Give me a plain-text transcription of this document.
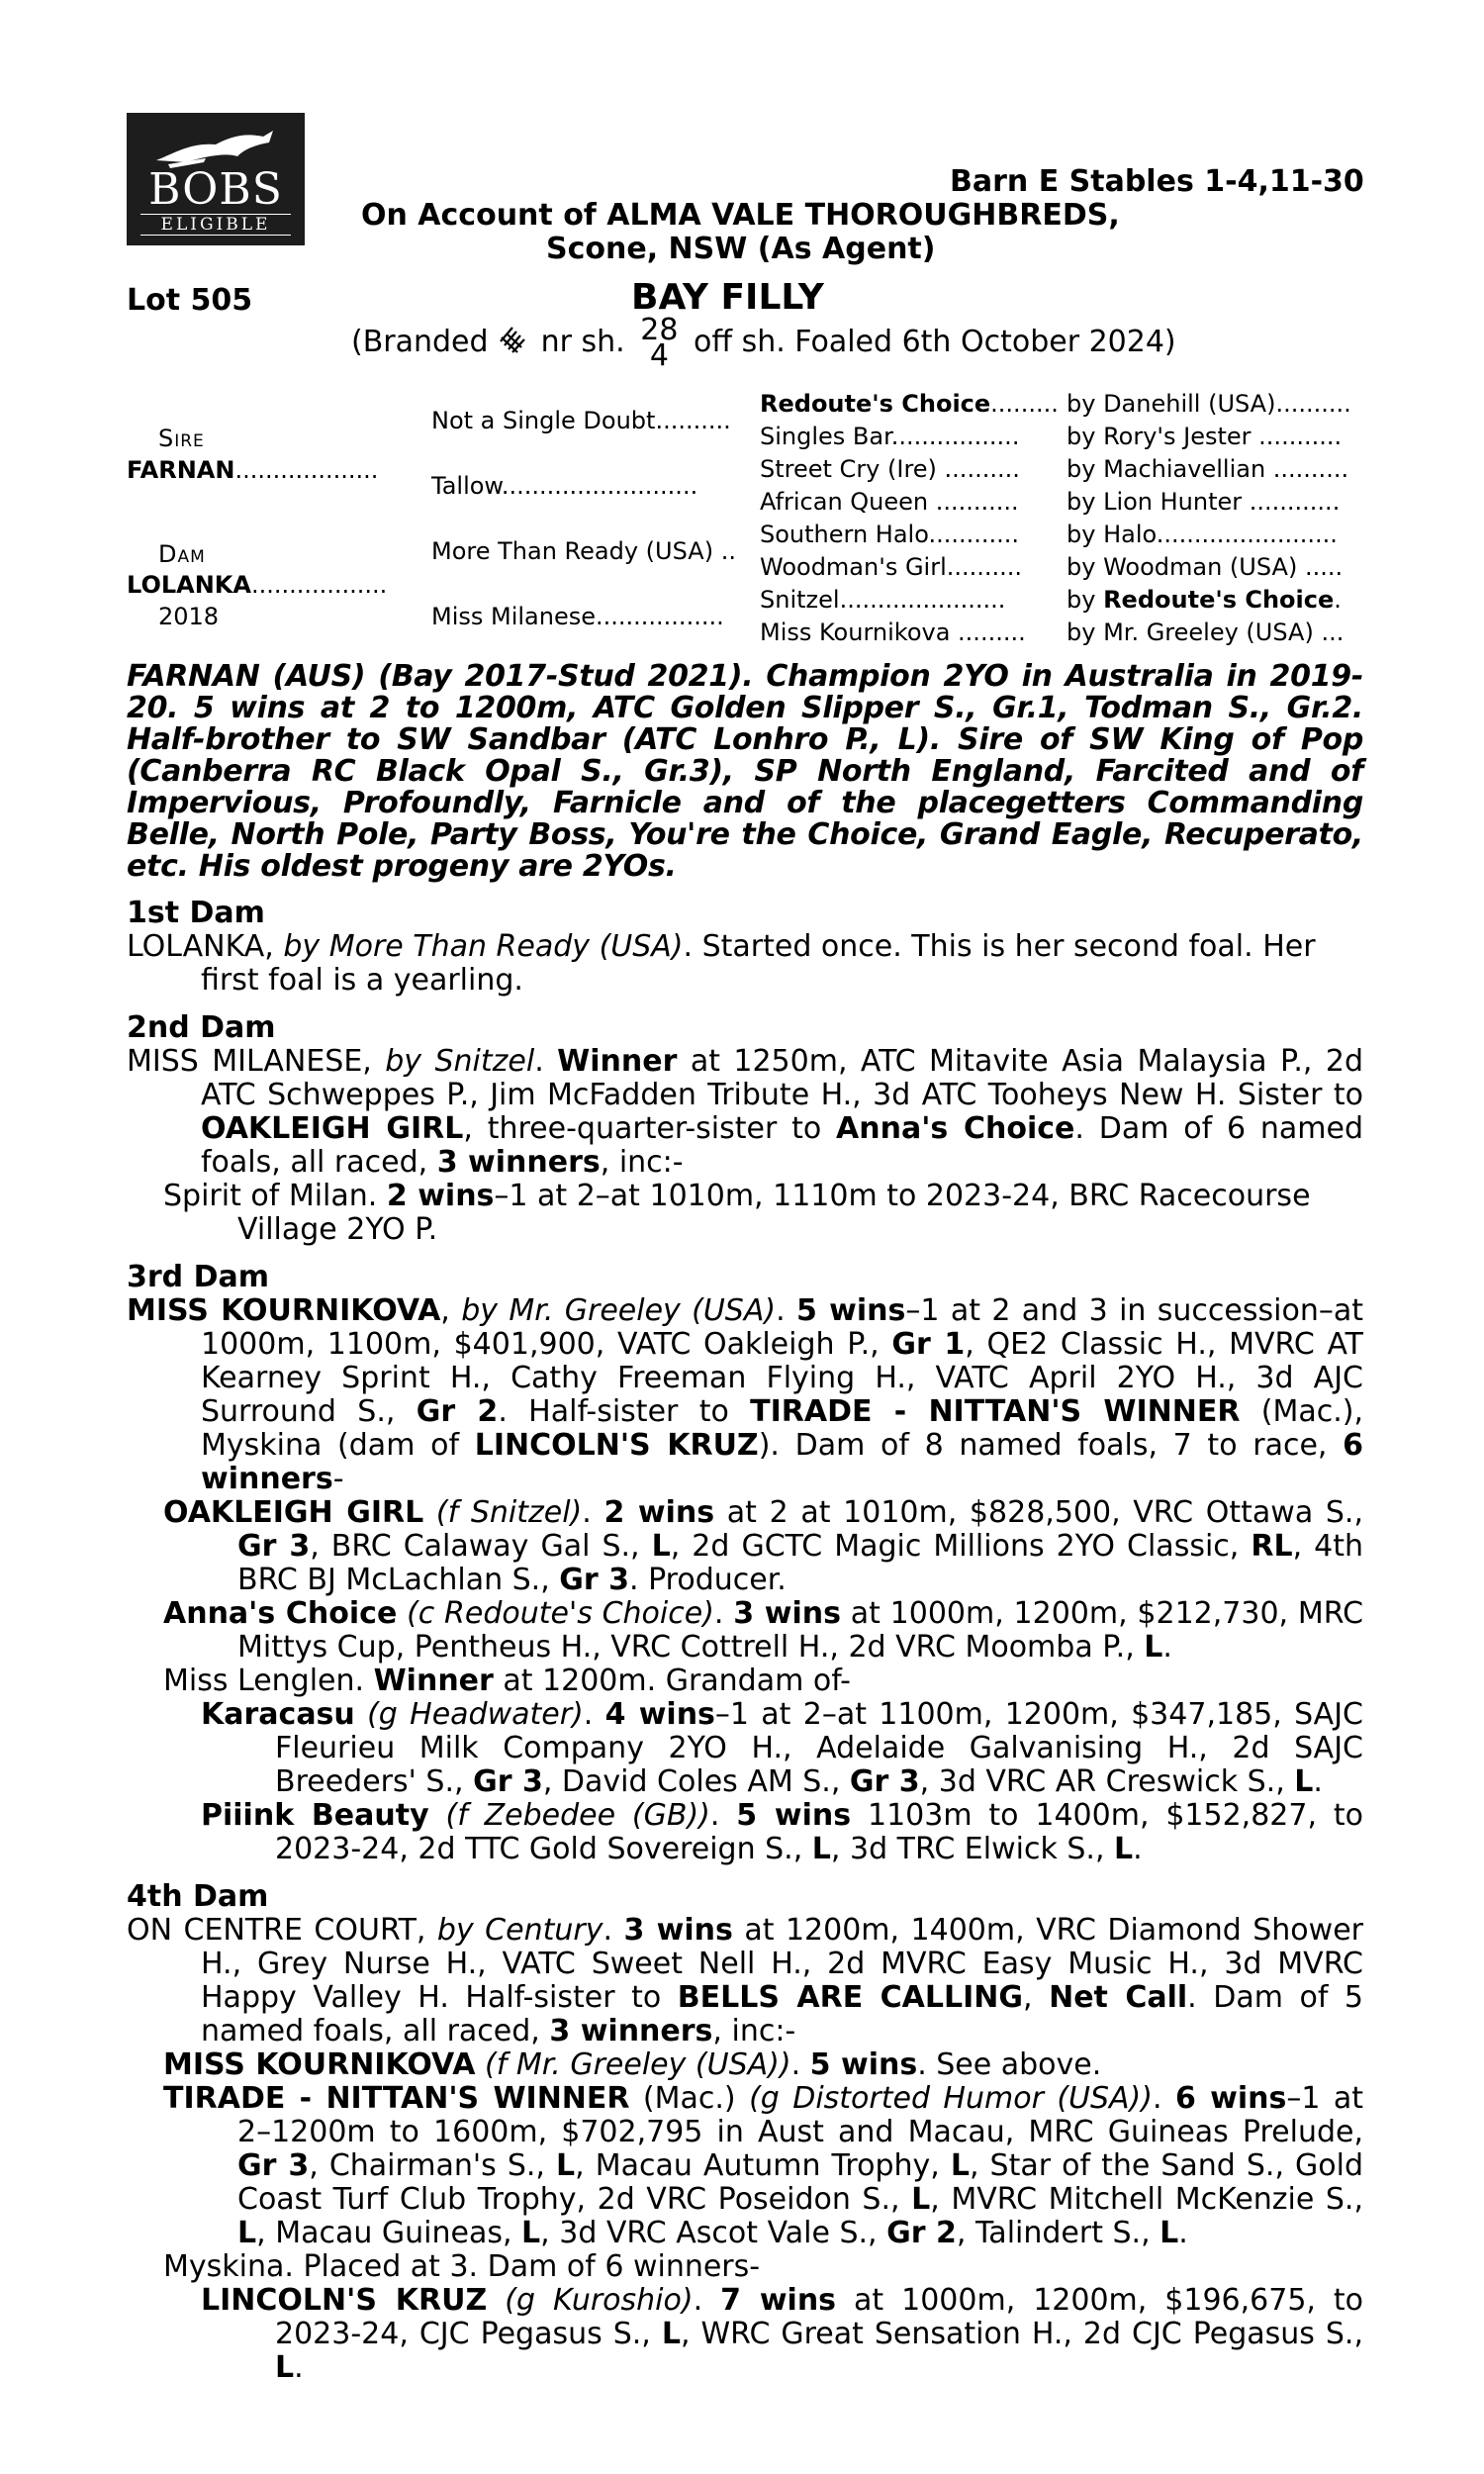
BOBS
ELIGIBLE
Barn E Stables 1-4,11-30
On Account of ALMA VALE THOROUGHBREDS,
Scone, NSW (As Agent)
Lot 505	BAY FILLY
(Branded nr sh. 28
4 off sh. Foaled 6th October 2024)
Sire
FARNAN...................
Dam
LOLANKA..................
2018
Not a Single Doubt..........
Tallow..........................
More Than Ready (USA) ..
Miss Milanese.................
Redoute's Choice.........
Singles Bar.................
Street Cry (Ire) ..........
African Queen ...........
Southern Halo............
Woodman's Girl..........
Snitzel......................
Miss Kournikova .........
by Danehill (USA)..........
by Rory's Jester ...........
by Machiavellian ..........
by Lion Hunter ............
by Halo........................
by Woodman (USA) .....
by Redoute's Choice.
by Mr. Greeley (USA) ...

FARNAN (AUS) (Bay 2017-Stud 2021). Champion 2YO in Australia in 2019-20. 5 wins at 2 to 1200m, ATC Golden Slipper S., Gr.1, Todman S., Gr.2. Half-brother to SW Sandbar (ATC Lonhro P., L). Sire of SW King of Pop (Canberra RC Black Opal S., Gr.3), SP North England, Farcited and of Impervious, Profoundly, Farnicle and of the placegetters Commanding Belle, North Pole, Party Boss, You're the Choice, Grand Eagle, Recuperato, etc. His oldest progeny are 2YOs.

1st Dam

LOLANKA, by More Than Ready (USA). Started once. This is her second foal. Her first foal is a yearling.

2nd Dam

MISS MILANESE, by Snitzel. Winner at 1250m, ATC Mitavite Asia Malaysia P., 2d ATC Schweppes P., Jim McFadden Tribute H., 3d ATC Tooheys New H. Sister to OAKLEIGH GIRL, three-quarter-sister to Anna's Choice. Dam of 6 named foals, all raced, 3 winners, inc:-

Spirit of Milan. 2 wins–1 at 2–at 1010m, 1110m to 2023-24, BRC Racecourse Village 2YO P.

3rd Dam

MISS KOURNIKOVA, by Mr. Greeley (USA). 5 wins–1 at 2 and 3 in succession–at 1000m, 1100m, $401,900, VATC Oakleigh P., Gr 1, QE2 Classic H., MVRC AT Kearney Sprint H., Cathy Freeman Flying H., VATC April 2YO H., 3d AJC Surround S., Gr 2. Half-sister to TIRADE - NITTAN'S WINNER (Mac.), Myskina (dam of LINCOLN'S KRUZ). Dam of 8 named foals, 7 to race, 6 winners-

OAKLEIGH GIRL (f Snitzel). 2 wins at 2 at 1010m, $828,500, VRC Ottawa S., Gr 3, BRC Calaway Gal S., L, 2d GCTC Magic Millions 2YO Classic, RL, 4th BRC BJ McLachlan S., Gr 3. Producer.

Anna's Choice (c Redoute's Choice). 3 wins at 1000m, 1200m, $212,730, MRC Mittys Cup, Pentheus H., VRC Cottrell H., 2d VRC Moomba P., L.

Miss Lenglen. Winner at 1200m. Grandam of-

Karacasu (g Headwater). 4 wins–1 at 2–at 1100m, 1200m, $347,185, SAJC Fleurieu Milk Company 2YO H., Adelaide Galvanising H., 2d SAJC Breeders' S., Gr 3, David Coles AM S., Gr 3, 3d VRC AR Creswick S., L.

Piiink Beauty (f Zebedee (GB)). 5 wins 1103m to 1400m, $152,827, to 2023-24, 2d TTC Gold Sovereign S., L, 3d TRC Elwick S., L.

4th Dam

ON CENTRE COURT, by Century. 3 wins at 1200m, 1400m, VRC Diamond Shower H., Grey Nurse H., VATC Sweet Nell H., 2d MVRC Easy Music H., 3d MVRC Happy Valley H. Half-sister to BELLS ARE CALLING, Net Call. Dam of 5 named foals, all raced, 3 winners, inc:-

MISS KOURNIKOVA (f Mr. Greeley (USA)). 5 wins. See above.

TIRADE - NITTAN'S WINNER (Mac.) (g Distorted Humor (USA)). 6 wins–1 at 2–1200m to 1600m, $702,795 in Aust and Macau, MRC Guineas Prelude, Gr 3, Chairman's S., L, Macau Autumn Trophy, L, Star of the Sand S., Gold Coast Turf Club Trophy, 2d VRC Poseidon S., L, MVRC Mitchell McKenzie S., L, Macau Guineas, L, 3d VRC Ascot Vale S., Gr 2, Talindert S., L.

Myskina. Placed at 3. Dam of 6 winners-

LINCOLN'S KRUZ (g Kuroshio). 7 wins at 1000m, 1200m, $196,675, to 2023-24, CJC Pegasus S., L, WRC Great Sensation H., 2d CJC Pegasus S., L.
